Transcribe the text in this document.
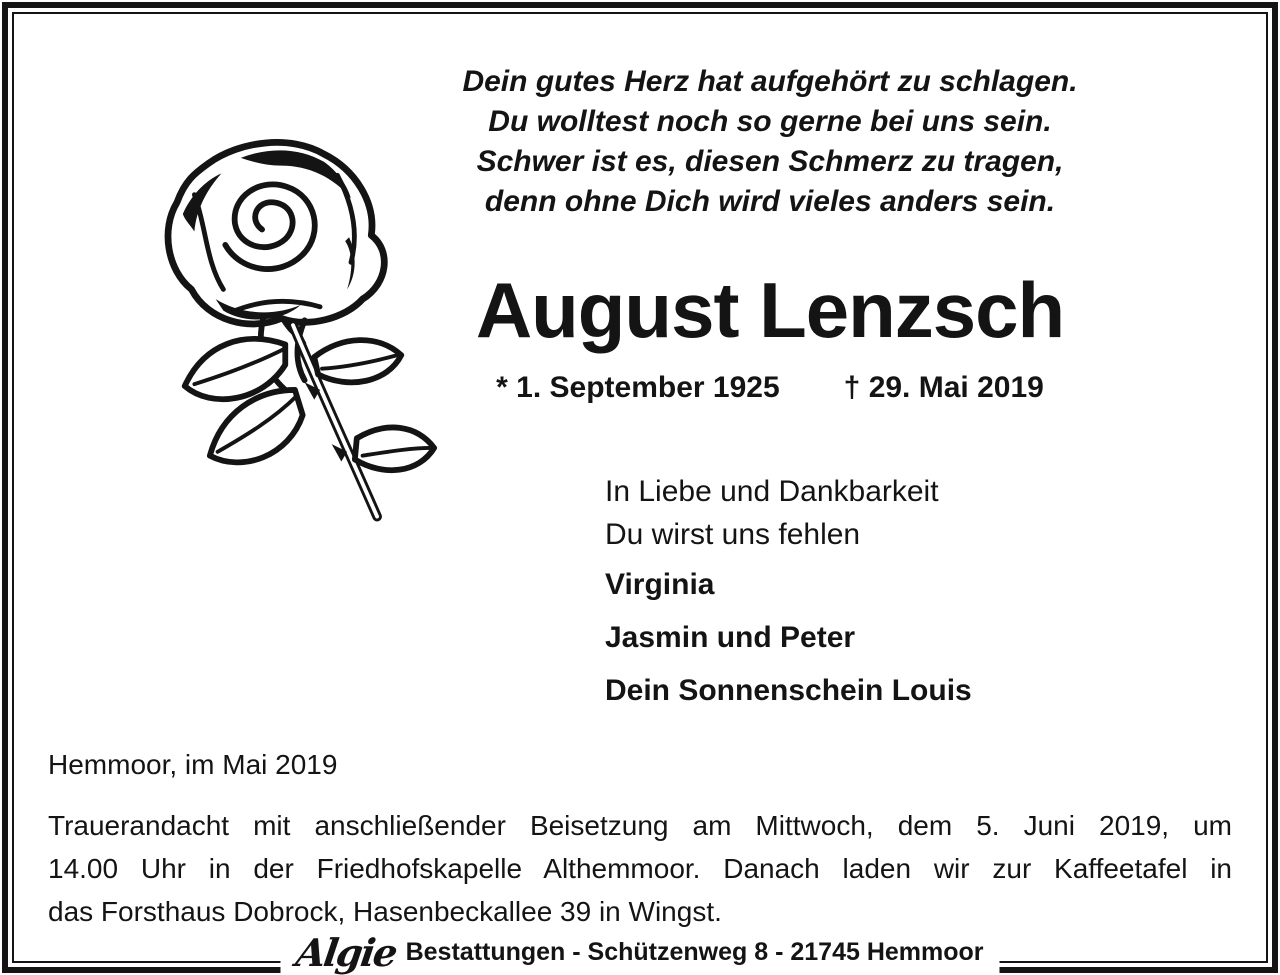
Dein gutes Herz hat aufgehört zu schlagen.
Du wolltest noch so gerne bei uns sein.
Schwer ist es, diesen Schmerz zu tragen,
denn ohne Dich wird vieles anders sein.
August Lenzsch
* 1. September 1925 † 29. Mai 2019
In Liebe und Dankbarkeit
Du wirst uns fehlen
Virginia
Jasmin und Peter
Dein Sonnenschein Louis
Hemmoor, im Mai 2019
Trauerandacht mit anschließender Beisetzung am Mittwoch, dem 5. Juni 2019, um
14.00 Uhr in der Friedhofskapelle Althemmoor. Danach laden wir zur Kaffeetafel in
das Forsthaus Dobrock, Hasenbeckallee 39 in Wingst.
Algie Bestattungen - Schützenweg 8 - 21745 Hemmoor
